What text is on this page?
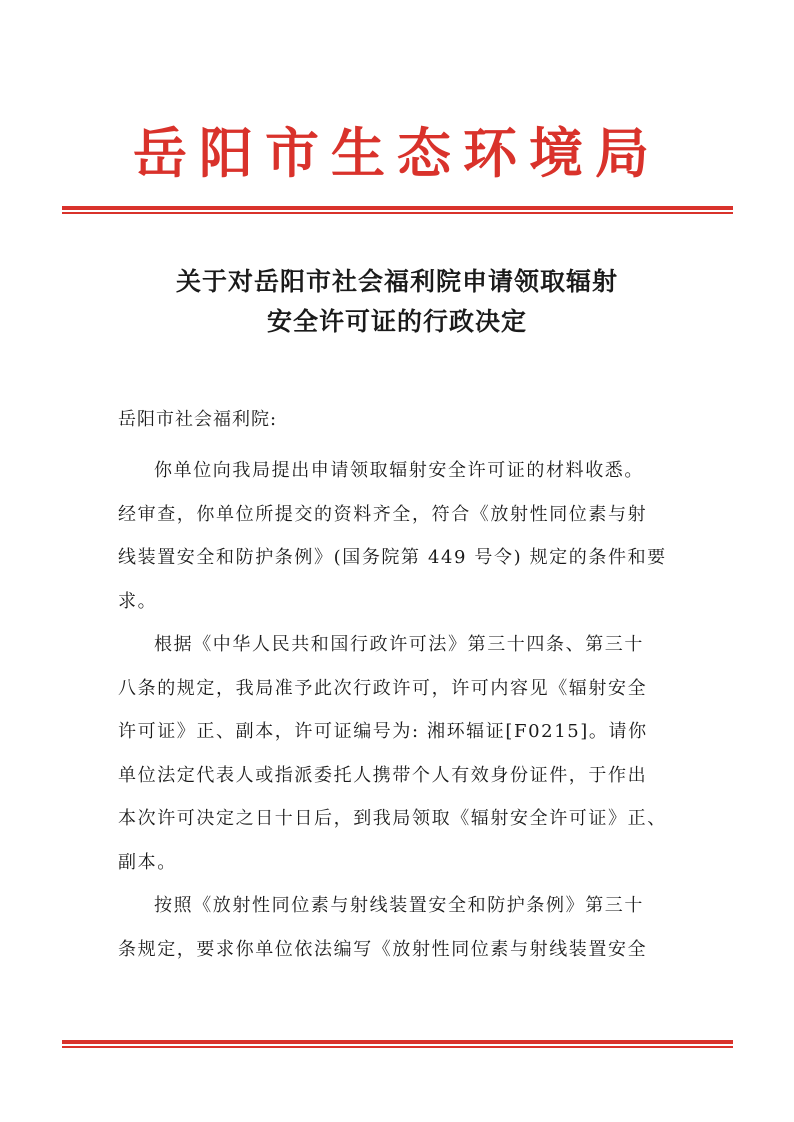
岳阳市生态环境局
关于对岳阳市社会福利院申请领取辐射
安全许可证的行政决定
岳阳市社会福利院:
你单位向我局提出申请领取辐射安全许可证的材料收悉。
经审查，你单位所提交的资料齐全，符合《放射性同位素与射
线装置安全和防护条例》(国务院第 449 号令) 规定的条件和要
求。
根据《中华人民共和国行政许可法》第三十四条、第三十
八条的规定，我局准予此次行政许可，许可内容见《辐射安全
许可证》正、副本，许可证编号为: 湘环辐证[F0215]。请你
单位法定代表人或指派委托人携带个人有效身份证件，于作出
本次许可决定之日十日后，到我局领取《辐射安全许可证》正、
副本。
按照《放射性同位素与射线装置安全和防护条例》第三十
条规定，要求你单位依法编写《放射性同位素与射线装置安全
